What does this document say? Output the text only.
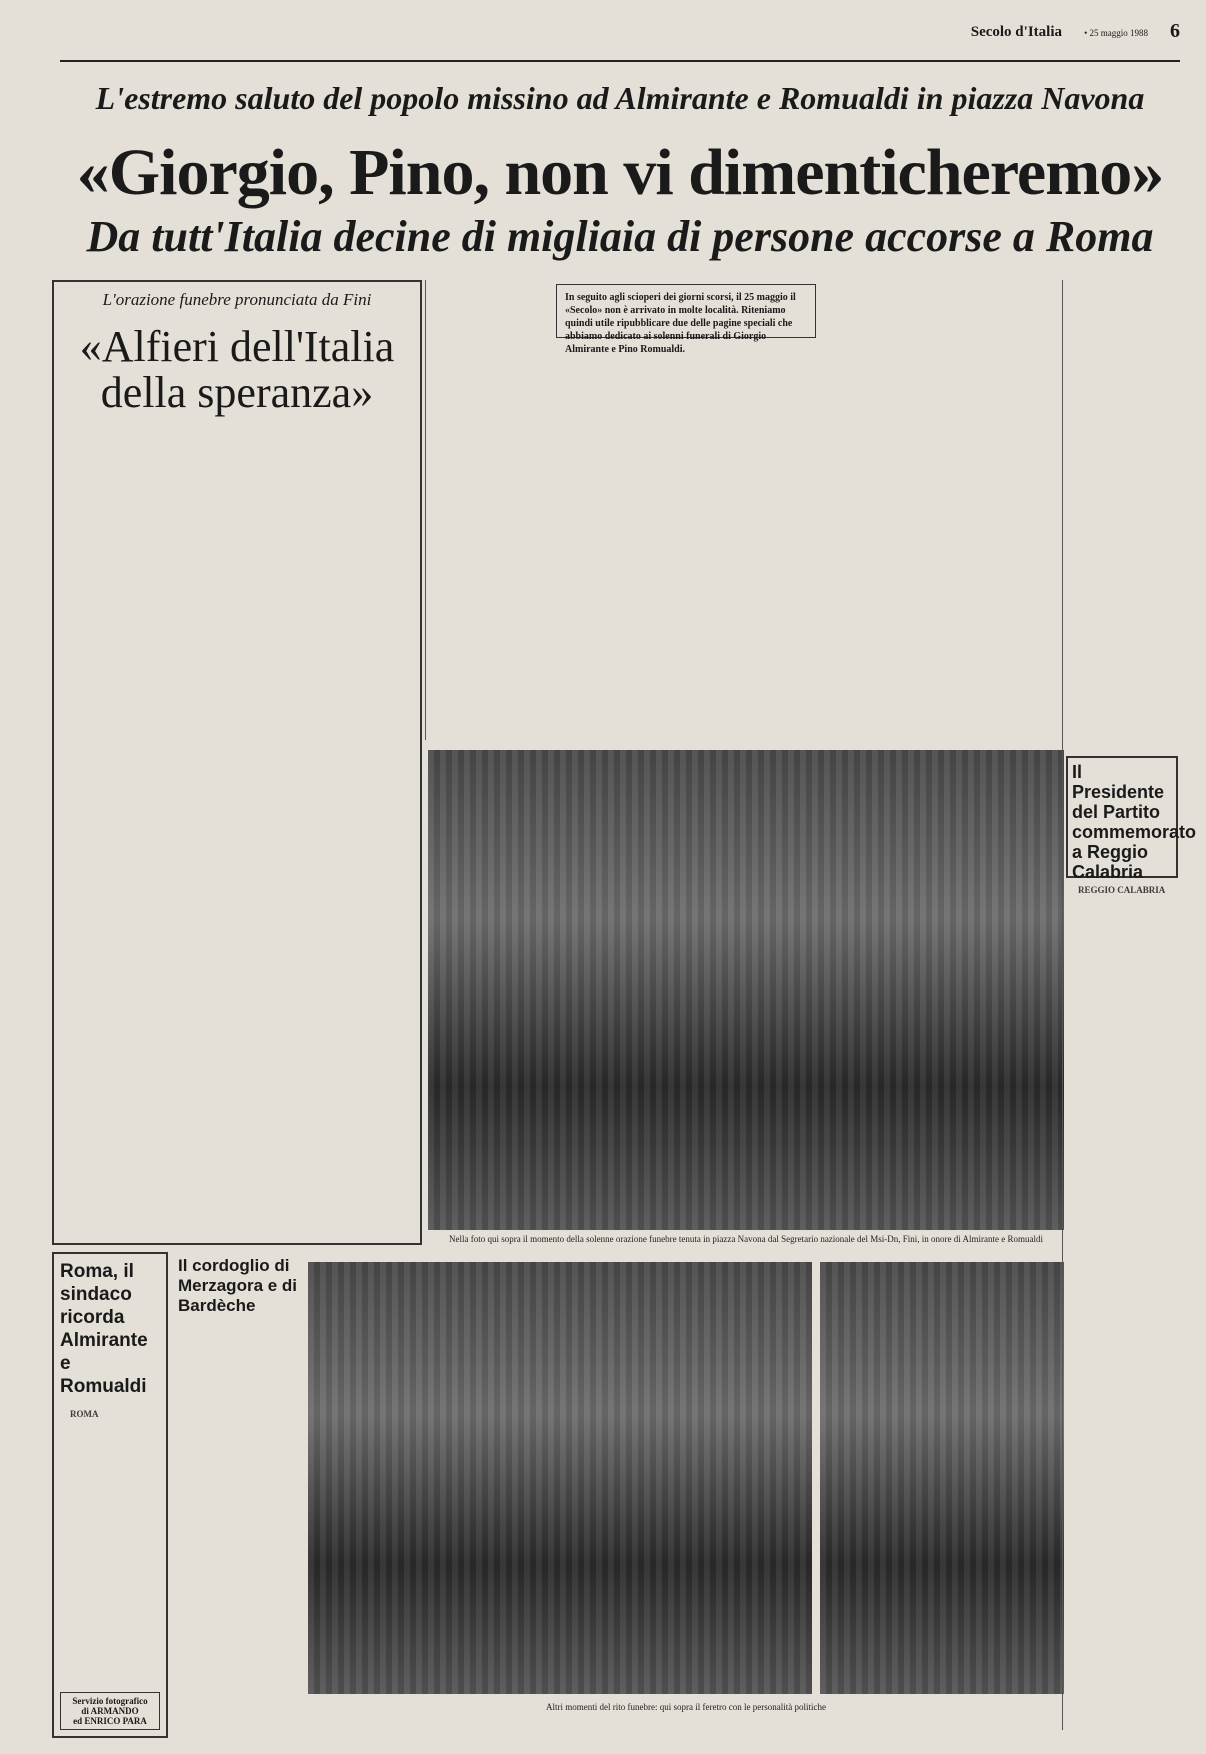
Secolo d'Italia • 25 maggio 1988 6
L'estremo saluto del popolo missino ad Almirante e Romualdi in piazza Navona
«Giorgio, Pino, non vi dimenticheremo»
Da tutt'Italia decine di migliaia di persone accorse a Roma
L'orazione funebre pronunciata da Fini
«Alfieri dell'Italia
della speranza»
In seguito agli scioperi dei giorni scorsi, il 25 maggio il «Secolo» non è arrivato in molte località. Riteniamo quindi utile ripubblicare due delle pagine speciali che abbiamo dedicato ai solenni funerali di Giorgio Almirante e Pino Romualdi.
Nella foto qui sopra il momento della solenne orazione funebre tenuta in piazza Navona dal Segretario nazionale del Msi-Dn, Fini, in onore di Almirante e Romualdi
Il Presidente del Partito commemorato a Reggio Calabria

REGGIO CALABRIA

Roma, il sindaco ricorda Almirante e Romualdi

ROMA

Servizio fotografico
di ARMANDO
ed ENRICO PARA
Il cordoglio di Merzagora e di Bardèche
Altri momenti del rito funebre: qui sopra il feretro con le personalità politiche
